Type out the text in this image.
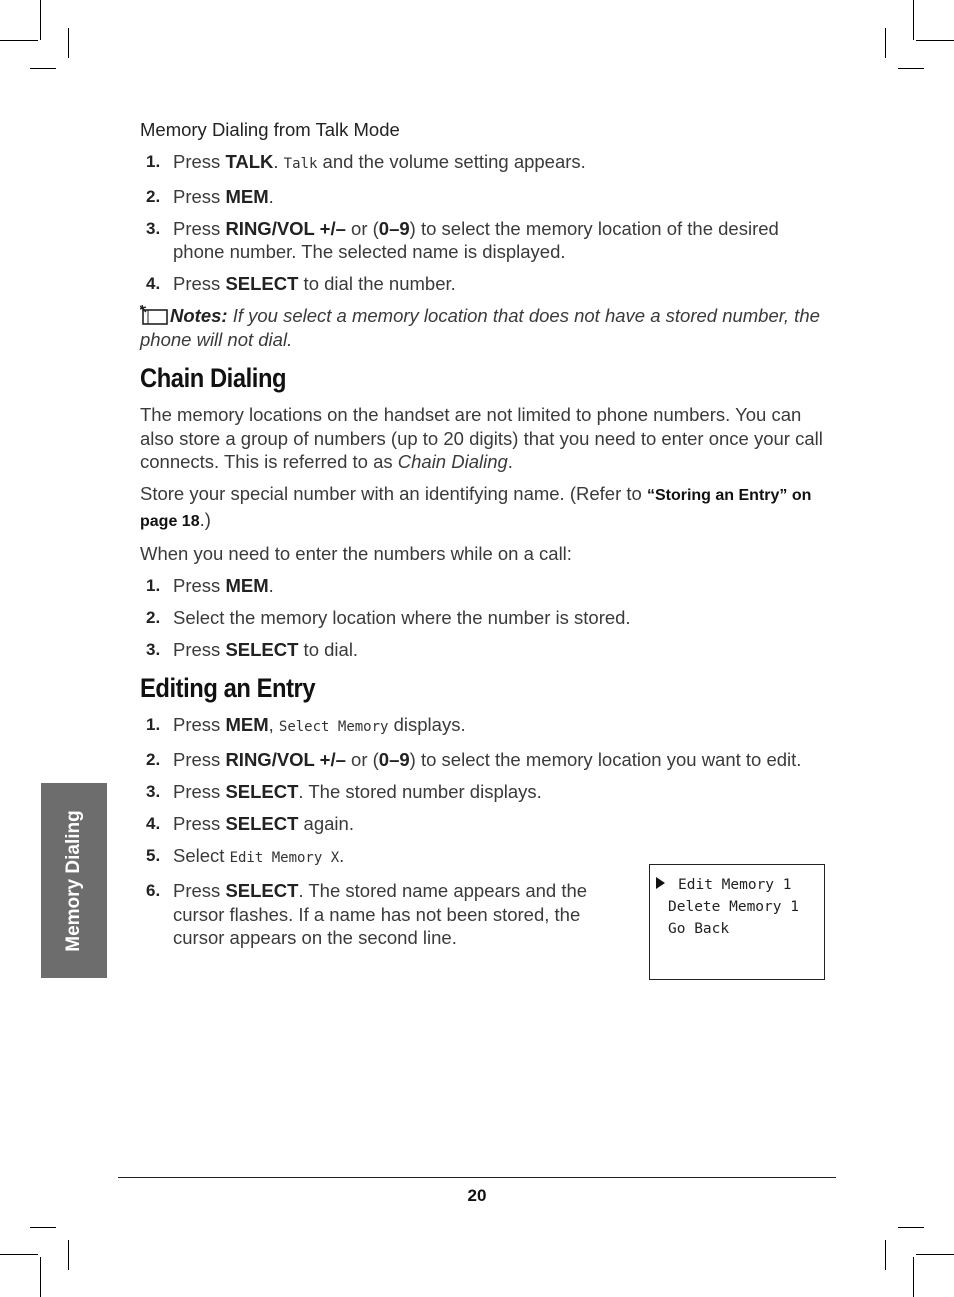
Memory Dialing from Talk Mode
1. Press TALK. Talk and the volume setting appears.
2. Press MEM.
3. Press RING/VOL +/– or (0–9) to select the memory location of the desired phone number. The selected name is displayed.
4. Press SELECT to dial the number.
Notes: If you select a memory location that does not have a stored number, the phone will not dial.
Chain Dialing

The memory locations on the handset are not limited to phone numbers. You can also store a group of numbers (up to 20 digits) that you need to enter once your call connects. This is referred to as Chain Dialing.

Store your special number with an identifying name. (Refer to “Storing an Entry” on page 18.)

When you need to enter the numbers while on a call:

1. Press MEM.
2. Select the memory location where the number is stored.
3. Press SELECT to dial.
Editing an Entry
1. Press MEM, Select Memory displays.
2. Press RING/VOL +/– or (0–9) to select the memory location you want to edit.
3. Press SELECT. The stored number displays.
4. Press SELECT again.
5. Select Edit Memory X.
6. Press SELECT. The stored name appears and the cursor flashes. If a name has not been stored, the cursor appears on the second line.
Edit Memory 1
Delete Memory 1
Go Back
Memory Dialing
20
